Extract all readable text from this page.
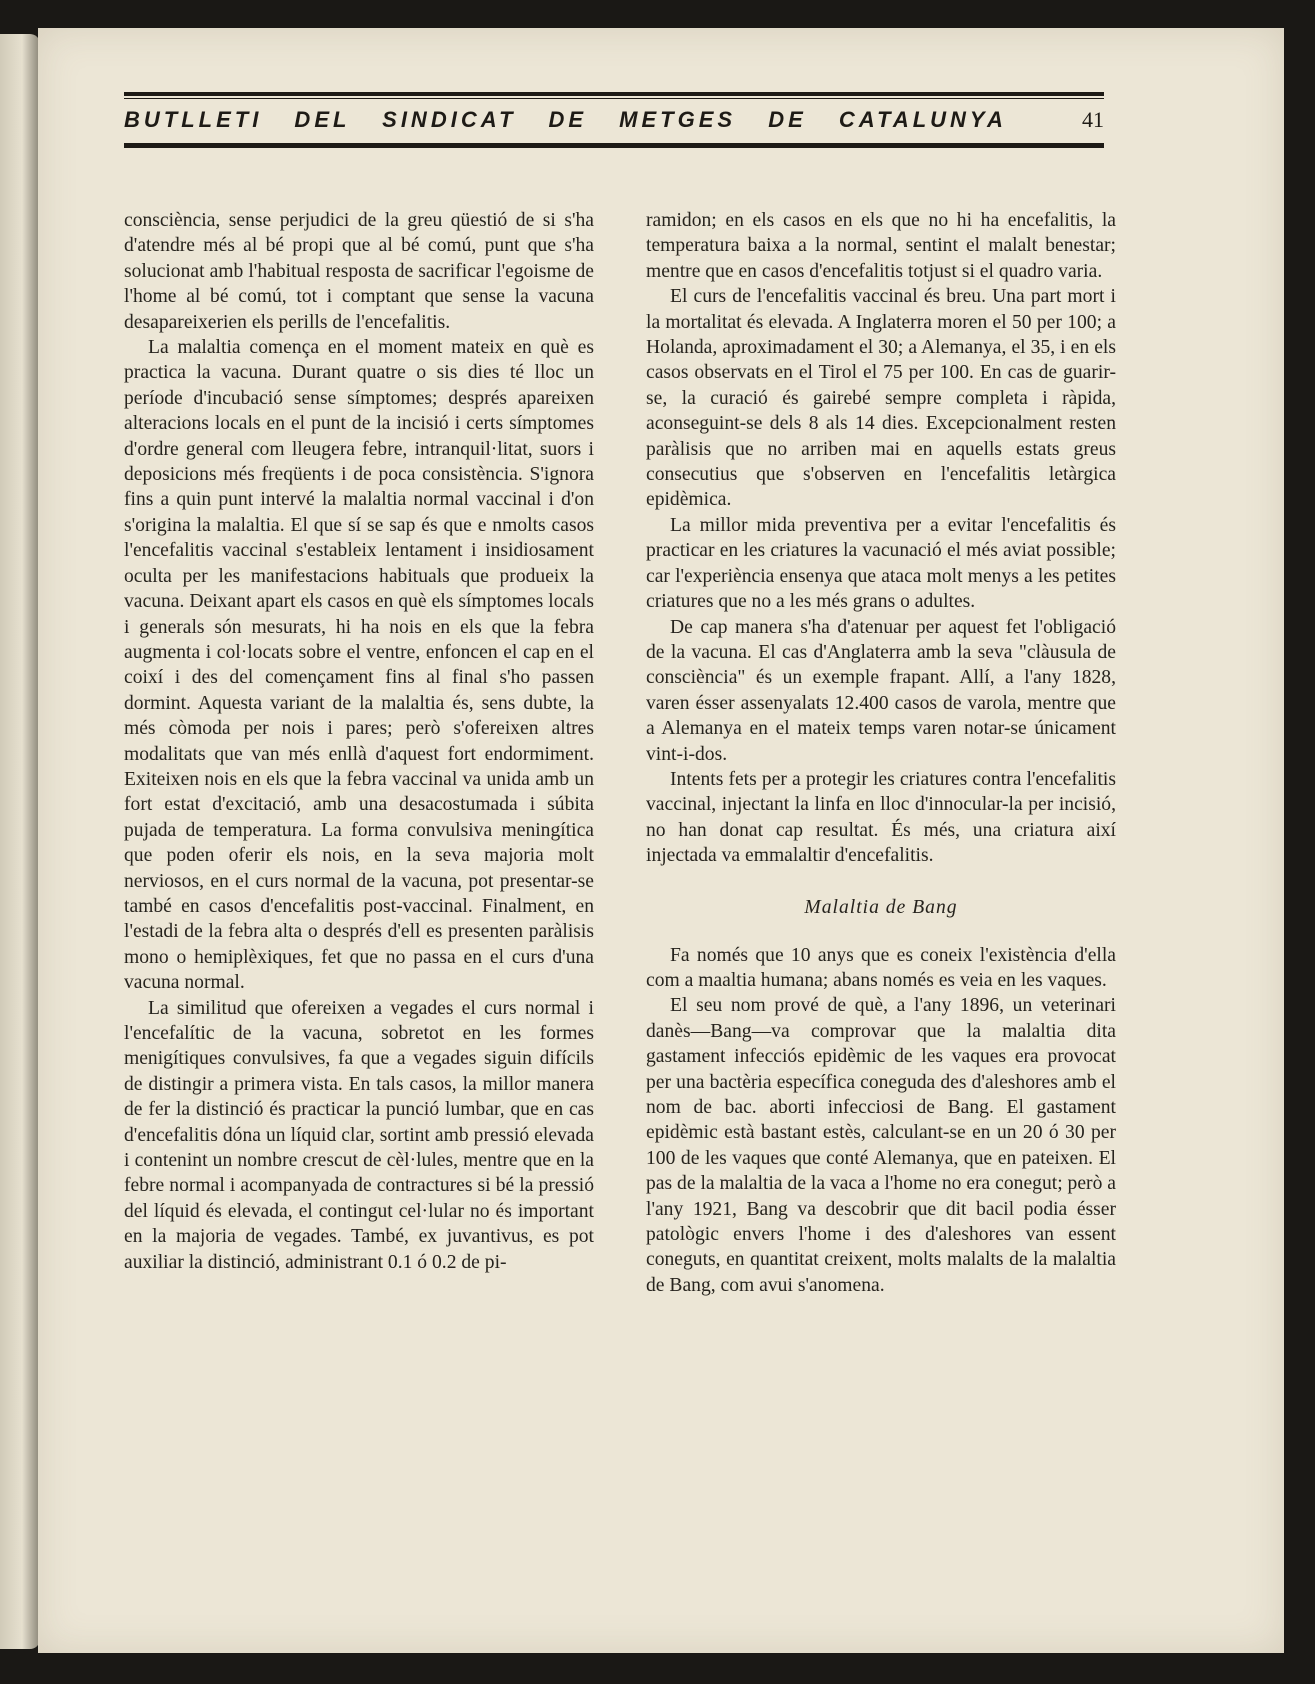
BUTLLETI DEL SINDICAT DE METGES DE CATALUNYA	41

consciència, sense perjudici de la greu qüestió de si s'ha d'atendre més al bé propi que al bé comú, punt que s'ha solucionat amb l'habitual resposta de sacrificar l'egoisme de l'home al bé comú, tot i comptant que sense la vacuna desapareixerien els perills de l'encefalitis.

La malaltia comença en el moment mateix en què es practica la vacuna. Durant quatre o sis dies té lloc un període d'incubació sense símptomes; després apareixen alteracions locals en el punt de la incisió i certs símptomes d'ordre general com lleugera febre, intranquil·litat, suors i deposicions més freqüents i de poca consistència. S'ignora fins a quin punt intervé la malaltia normal vaccinal i d'on s'origina la malaltia. El que sí se sap és que e nmolts casos l'encefalitis vaccinal s'estableix lentament i insidiosament oculta per les manifestacions habituals que produeix la vacuna. Deixant apart els casos en què els símptomes locals i generals són mesurats, hi ha nois en els que la febra augmenta i col·locats sobre el ventre, enfoncen el cap en el coixí i des del començament fins al final s'ho passen dormint. Aquesta variant de la malaltia és, sens dubte, la més còmoda per nois i pares; però s'ofereixen altres modalitats que van més enllà d'aquest fort endormiment. Exiteixen nois en els que la febra vaccinal va unida amb un fort estat d'excitació, amb una desacostumada i súbita pujada de temperatura. La forma convulsiva meningítica que poden oferir els nois, en la seva majoria molt nerviosos, en el curs normal de la vacuna, pot presentar-se també en casos d'encefalitis post-vaccinal. Finalment, en l'estadi de la febra alta o després d'ell es presenten paràlisis mono o hemiplèxiques, fet que no passa en el curs d'una vacuna normal.

La similitud que ofereixen a vegades el curs normal i l'encefalític de la vacuna, sobretot en les formes menigítiques convulsives, fa que a vegades siguin difícils de distingir a primera vista. En tals casos, la millor manera de fer la distinció és practicar la punció lumbar, que en cas d'encefalitis dóna un líquid clar, sortint amb pressió elevada i contenint un nombre crescut de cèl·lules, mentre que en la febre normal i acompanyada de contractures si bé la pressió del líquid és elevada, el contingut cel·lular no és important en la majoria de vegades. També, ex juvantivus, es pot auxiliar la distinció, administrant 0.1 ó 0.2 de pi-

ramidon; en els casos en els que no hi ha encefalitis, la temperatura baixa a la normal, sentint el malalt benestar; mentre que en casos d'encefalitis totjust si el quadro varia.

El curs de l'encefalitis vaccinal és breu. Una part mort i la mortalitat és elevada. A Inglaterra moren el 50 per 100; a Holanda, aproximadament el 30; a Alemanya, el 35, i en els casos observats en el Tirol el 75 per 100. En cas de guarir-se, la curació és gairebé sempre completa i ràpida, aconseguint-se dels 8 als 14 dies. Excepcionalment resten paràlisis que no arriben mai en aquells estats greus consecutius que s'observen en l'encefalitis letàrgica epidèmica.

La millor mida preventiva per a evitar l'encefalitis és practicar en les criatures la vacunació el més aviat possible; car l'experiència ensenya que ataca molt menys a les petites criatures que no a les més grans o adultes.

De cap manera s'ha d'atenuar per aquest fet l'obligació de la vacuna. El cas d'Anglaterra amb la seva "clàusula de consciència" és un exemple frapant. Allí, a l'any 1828, varen ésser assenyalats 12.400 casos de varola, mentre que a Alemanya en el mateix temps varen notar-se únicament vint-i-dos.

Intents fets per a protegir les criatures contra l'encefalitis vaccinal, injectant la linfa en lloc d'innocular-la per incisió, no han donat cap resultat. És més, una criatura així injectada va emmalaltir d'encefalitis.

Malaltia de Bang

Fa només que 10 anys que es coneix l'existència d'ella com a maaltia humana; abans només es veia en les vaques.

El seu nom prové de què, a l'any 1896, un veterinari danès—Bang—va comprovar que la malaltia dita gastament infecciós epidèmic de les vaques era provocat per una bactèria específica coneguda des d'aleshores amb el nom de bac. aborti infecciosi de Bang. El gastament epidèmic està bastant estès, calculant-se en un 20 ó 30 per 100 de les vaques que conté Alemanya, que en pateixen. El pas de la malaltia de la vaca a l'home no era conegut; però a l'any 1921, Bang va descobrir que dit bacil podia ésser patològic envers l'home i des d'aleshores van essent coneguts, en quantitat creixent, molts malalts de la malaltia de Bang, com avui s'anomena.
